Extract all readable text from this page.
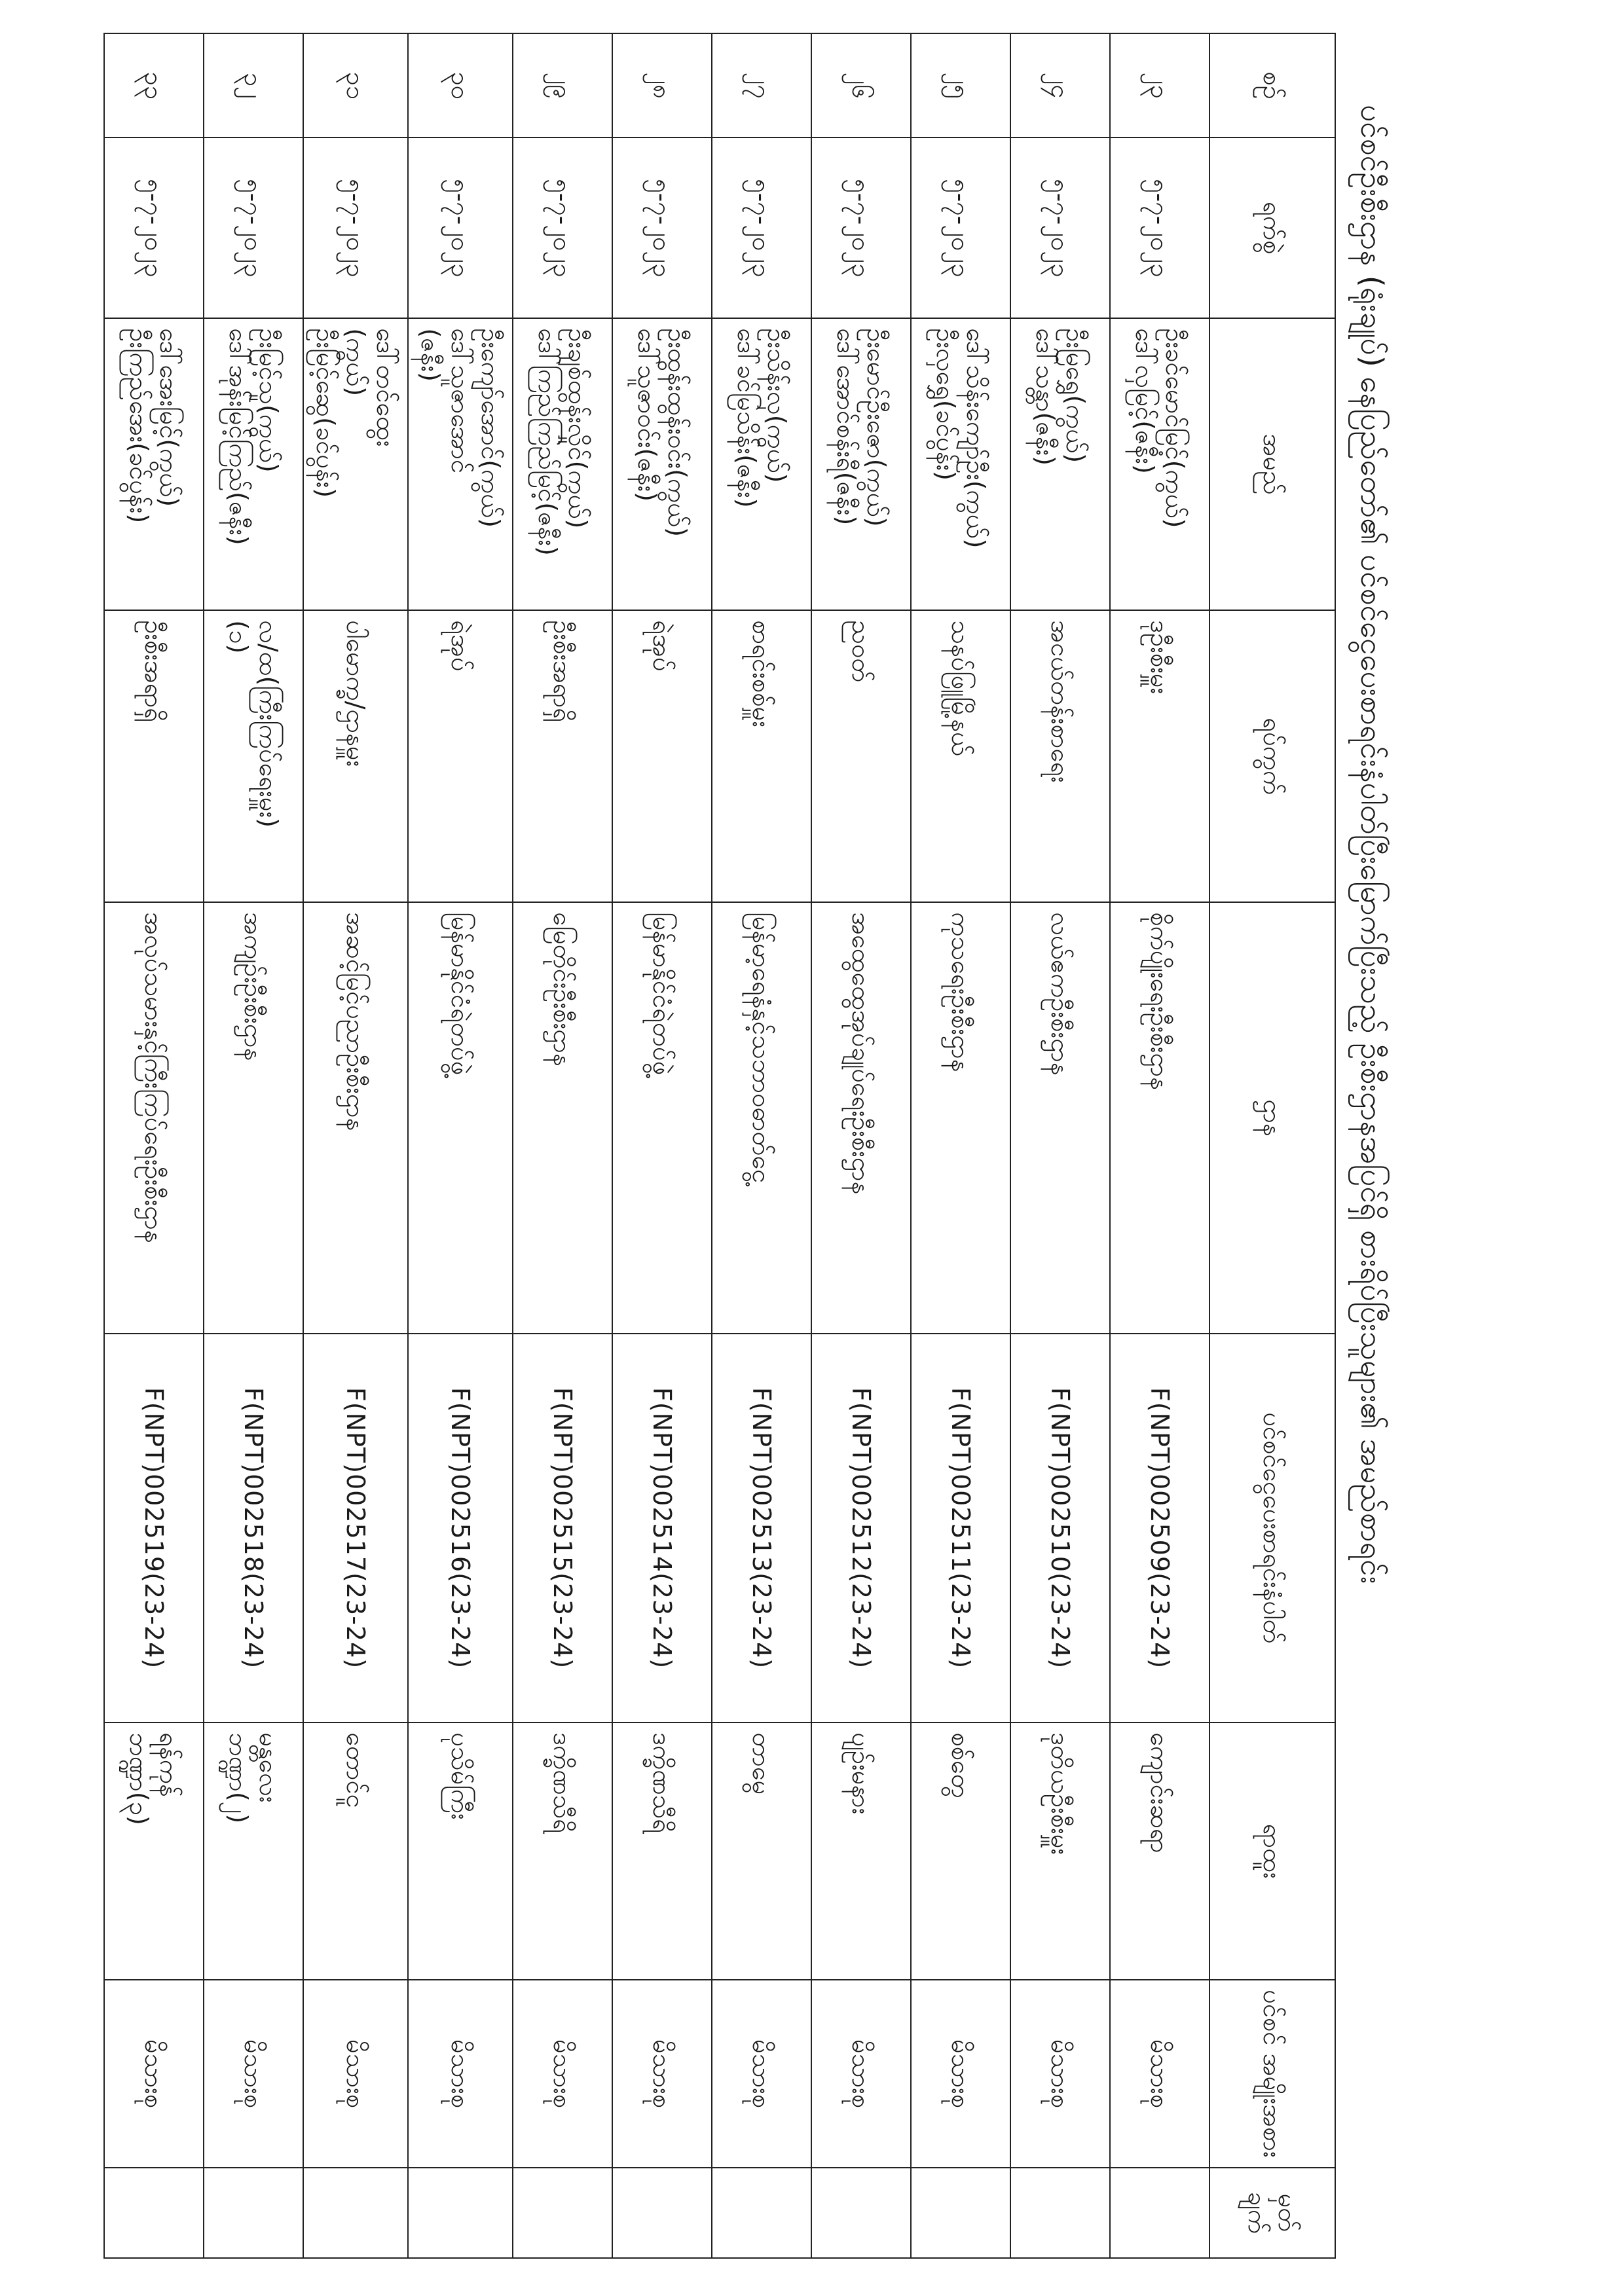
ပင်စင်ဦးစီးဌာန (ရုံးချုပ်) နေပြည်တော်၏ ပင်စင်ငွေပေးစာရင်းနံပါတ်ပြီးမြောက်ပြီးသည့် ဦးစီးဌာနအပြင်ရှိ စားရိပ်ပြီးသူများ၏ အမည်စာရင်း
စဉ်	ရက်စွဲ	အမည်	ရပ်ကွက်	ဌာန	ပင်စင်ငွေပေးစာရင်းနံပါတ်	ရာထူး	ပင်စင် အမျိုးအစား	မှတ် ချက်
၂၃	၅-၇-၂၀၂၃	ဦးခင်မောင်မြင့်(ကွယ်)
ဒေါ်လှမြင့်(ဇနီး)	ဒုဦးစီးမှူး	စိုက်ပျိုးရေးဦးစီးဌာန	F(NPT)002509(23-24)	ကျောင်းဆရာ	မိသားစု	
၂၄	၅-၇-၂၀၂၃	ဦးမြရွှေ(ကွယ်)
ဒေါ်သန္တာ(ဇနီး)	အငယ်တန်းစာရေး	လယ်ဧကဦးစီးဌာန	F(NPT)002510(23-24)	ဒုတိယဦးစီးမှူး	မိသားစု	
၂၅	၅-၇-၂၀၂၃	ဒေါ်သိန်းကျော်ဦး(ကွယ်)
ဦးလှရွှေ(ခင်ပွန်း)	သနပ်ဖြူမြို့နယ်	ကုသရေးဦးစီးဌာန	F(NPT)002511(23-24)	စစ်တွေ	မိသားစု	
၂၆	၅-၇-၂၀၂၃	ဦးမောင်ဦးဇော(ကွယ်)
ဒေါ်အောင်စန်းရီ(ဇနီး)	ညဝတ်	အထွေထွေအုပ်ချုပ်ရေးဦးစီးဌာန	F(NPT)002512(23-24)	ပျဉ်းမနား	မိသားစု	
၂၇	၅-၇-၂၀၂၃	ဦးသိန်းလှ(ကွယ်)
ဒေါ်ခင်မြသိန်း(ဇနီး)	စာရင်းစစ်မှူး	မြန်မာ့ရေနံနှင့်သဘာဝဓာတ်ငွေ့	F(NPT)002513(23-24)	တာမွေ	မိသားစု	
၂၈	၅-၇-၂၀၂၃	ဦးထွန်းထွန်းဝင်း(ကွယ်)
ဒေါ်သူဇာဝင်း(ဇနီး)	ရဲအုပ်	မြန်မာနိုင်ငံရဲတပ်ဖွဲ့	F(NPT)002514(23-24)	ဒက္ခိဏသီရိ	မိသားစု	
၂၉	၅-၇-၂၀၂၃	ဦးချစ်ထွန်းလှိုင်(ကွယ်)
ဒေါ်ကြည်ကြည်မြင့်(ဇနီး)	ဦးစီးအရာရှိ	မြေတိုင်းဦးစီးဌာန	F(NPT)002515(23-24)	ဒက္ခိဏသီရိ	မိသားစု	
၃၀	၅-၇-၂၀၂၃	ဦးကျော်အောင်(ကွယ်)
ဒေါ်သူဇာအောင်
(ဇနီး)	ရဲအုပ်	မြန်မာနိုင်ငံရဲတပ်ဖွဲ့	F(NPT)002516(23-24)	ပုသိမ်ကြီး	မိသားစု	
၃၁	၅-၇-၂၀၂၃	ဒေါ်တင်ထွေး
(ကွယ်)
ဦးမြင့်ဆွေ(ခင်ပွန်း)	ပါမောက္ခ/ဌာနမှူး	အဆင့်မြင့်ပညာဦးစီးဌာန	F(NPT)002517(23-24)	တောင်ငူ	မိသားစု	
၃၂	၅-၇-၂၀၂၃	ဦးမြင့်သူ(ကွယ်)
ဒေါ်အုန်းမြင့်ကြည်(ဇနီး)	လ/ထ(ကြီးကြပ်ရေးမှူး)
(၁)	အကျဉ်းဦးစီးဌာန	F(NPT)002518(23-24)	မန္တလေး
ဘဏ္ဍာ(၂)	မိသားစု	
၃၃	၅-၇-၂၀၂၃	ဒေါ်အေးမြင့်(ကွယ်)
ဦးကြည်အေး(ခင်ပွန်း)	ဦးစီးအရာရှိ	အလုပ်သမားနှင့်ကြီးကြပ်ရေးဦးစီးဌာန	F(NPT)002519(23-24)	ရန်ကုန်
ဘဏ္ဍာ(၃)	မိသားစု	
